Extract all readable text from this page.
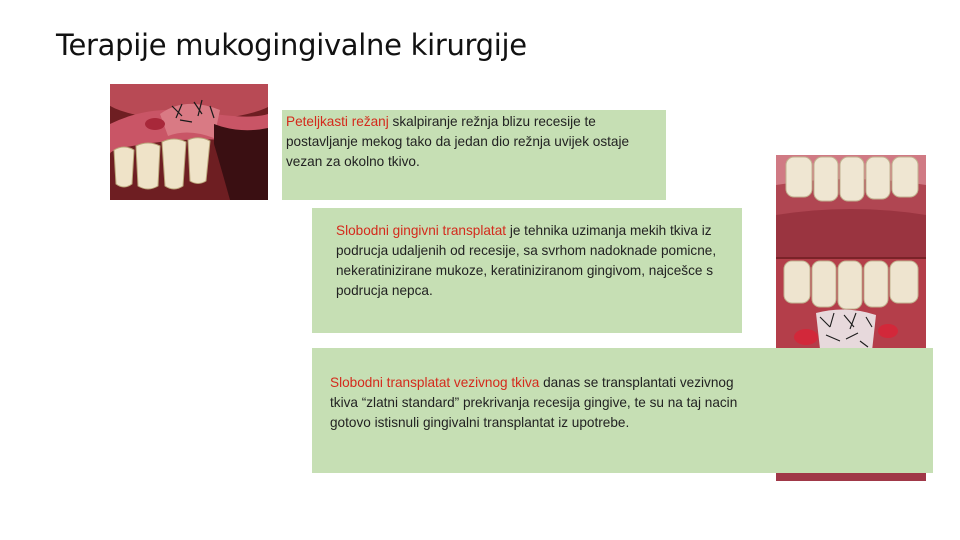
Terapije mukogingivalne kirurgije
Peteljkasti režanj skalpiranje režnja blizu recesije te postavljanje mekog tako da jedan dio režnja uvijek ostaje vezan za okolno tkivo.
Slobodni gingivni transplatat je tehnika uzimanja mekih tkiva iz podrucja udaljenih od recesije, sa svrhom nadoknade pomicne, nekeratinizirane mukoze, keratiniziranom gingivom, najcešce s podrucja nepca.
Slobodni transplatat vezivnog tkiva danas se transplantati vezivnog tkiva “zlatni standard” prekrivanja recesija gingive, te su na taj nacin gotovo istisnuli gingivalni transplantat iz upotrebe.
